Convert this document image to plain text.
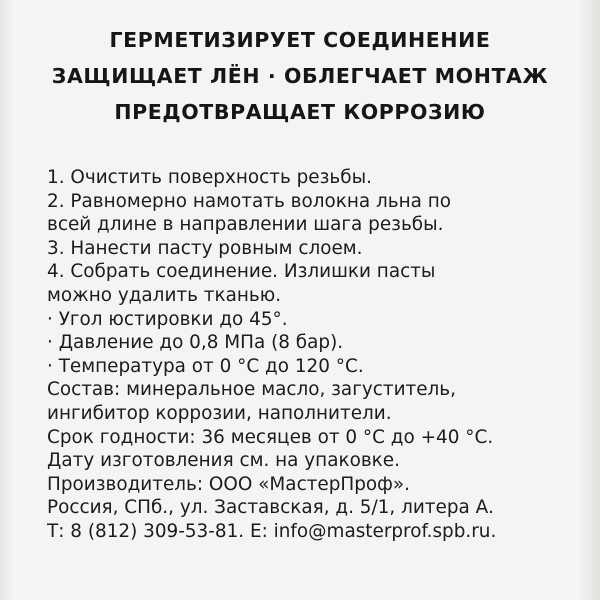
ГЕРМЕТИЗИРУЕТ СОЕДИНЕНИЕ
ЗАЩИЩАЕТ ЛЁН · ОБЛЕГЧАЕТ МОНТАЖ
ПРЕДОТВРАЩАЕТ КОРРОЗИЮ
1. Очистить поверхность резьбы.
2. Равномерно намотать волокна льна по
всей длине в направлении шага резьбы.
3. Нанести пасту ровным слоем.
4. Собрать соединение. Излишки пасты
можно удалить тканью.
· Угол юстировки до 45°.
· Давление до 0,8 МПа (8 бар).
· Температура от 0 °С до 120 °С.
Состав: минеральное масло, загуститель,
ингибитор коррозии, наполнители.
Срок годности: 36 месяцев от 0 °С до +40 °С.
Дату изготовления см. на упаковке.
Производитель: ООО «МастерПроф».
Россия, СПб., ул. Заставская, д. 5/1, литера А.
Т: 8 (812) 309-53-81. E: info@masterprof.spb.ru.
